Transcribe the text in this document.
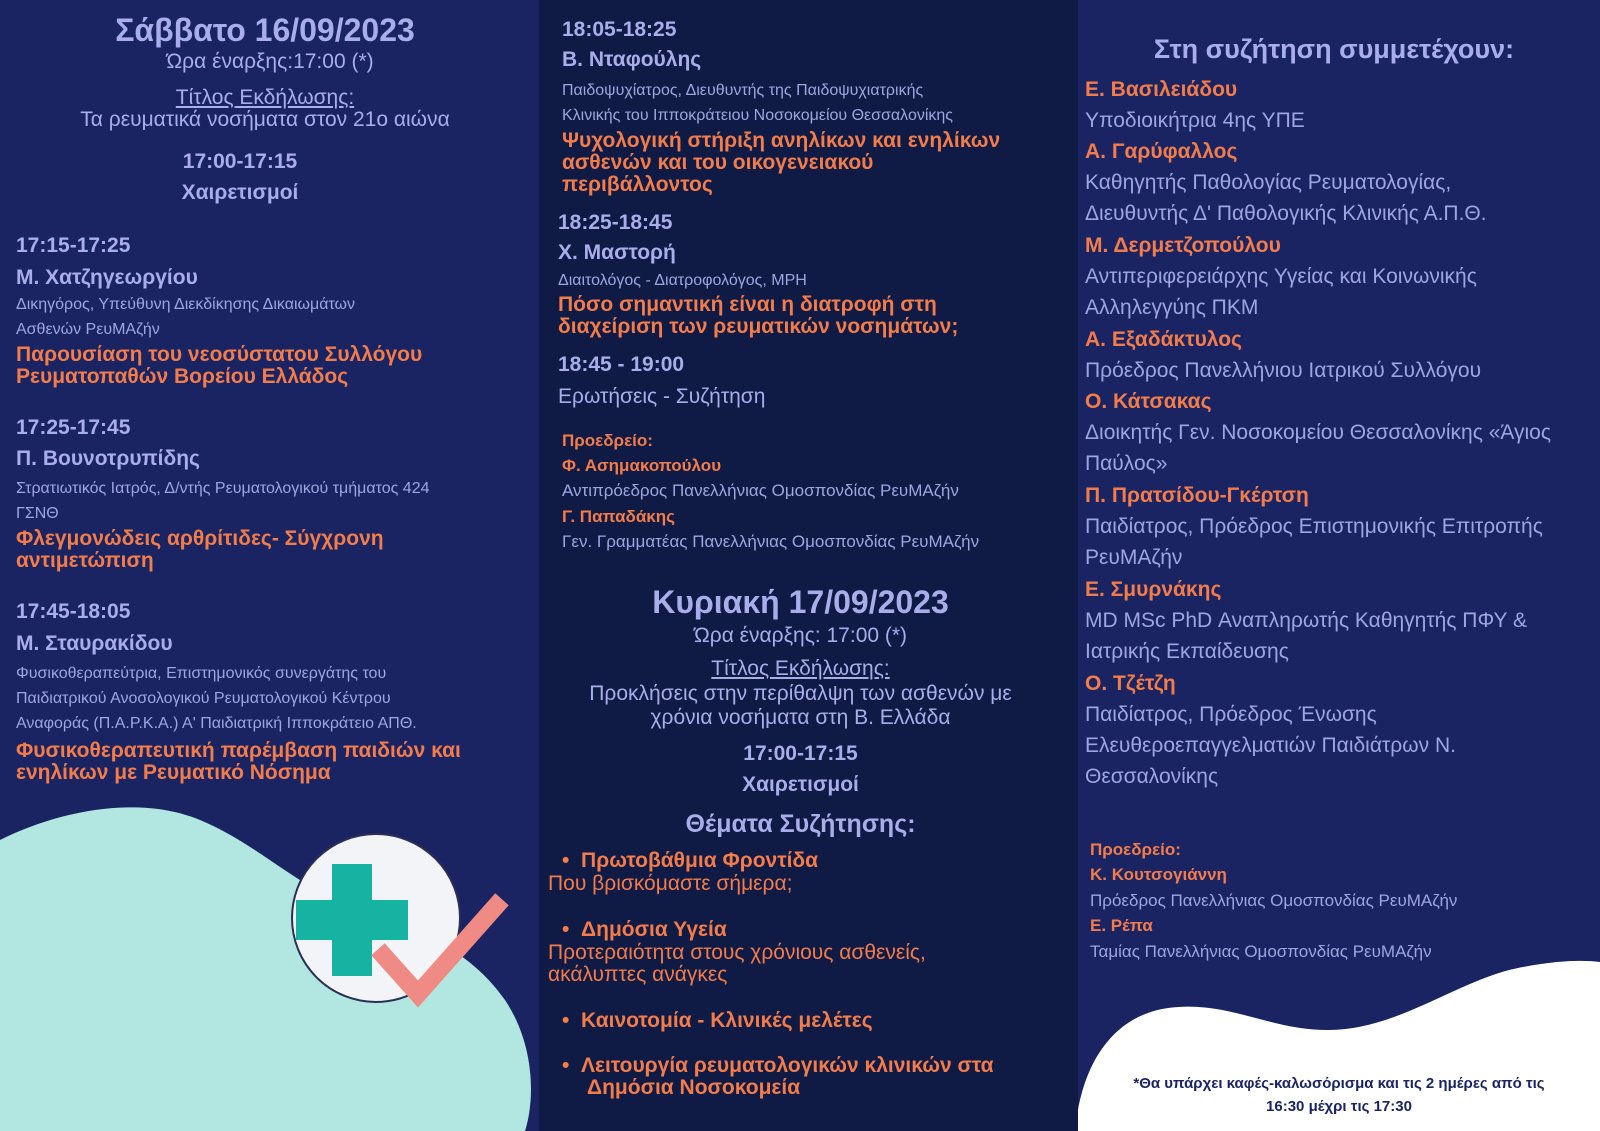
Σάββατο 16/09/2023
Ώρα έναρξης:17:00 (*)
Τίτλος Εκδήλωσης:
Τα ρευματικά νοσήματα στον 21ο αιώνα
17:00-17:15
Χαιρετισμοί
17:15-17:25
Μ. Χατζηγεωργίου
Δικηγόρος, Υπεύθυνη Διεκδίκησης Δικαιωμάτων
Ασθενών ΡευΜΑζήν
Παρουσίαση του νεοσύστατου Συλλόγου
Ρευματοπαθών Βορείου Ελλάδος
17:25-17:45
Π. Βουνοτρυπίδης
Στρατιωτικός Ιατρός, Δ/ντής Ρευματολογικού τμήματος 424
ΓΣΝΘ
Φλεγμονώδεις αρθρίτιδες- Σύγχρονη
αντιμετώπιση
17:45-18:05
Μ. Σταυρακίδου
Φυσικοθεραπεύτρια, Επιστημονικός συνεργάτης του
Παιδιατρικού Ανοσολογικού Ρευματολογικού Κέντρου
Αναφοράς (Π.Α.Ρ.Κ.Α.) Α' Παιδιατρική Ιπποκράτειο ΑΠΘ.
Φυσικοθεραπευτική παρέμβαση παιδιών και
ενηλίκων με Ρευματικό Νόσημα
18:05-18:25
Β. Νταφούλης
Παιδοψυχίατρος, Διευθυντής της Παιδοψυχιατρικής
Κλινικής του Ιπποκράτειου Νοσοκομείου Θεσσαλονίκης
Ψυχολογική στήριξη ανηλίκων και ενηλίκων
ασθενών και του οικογενειακού
περιβάλλοντος
18:25-18:45
Χ. Μαστορή
Διαιτολόγος - Διατροφολόγος, MPH
Πόσο σημαντική είναι η διατροφή στη
διαχείριση των ρευματικών νοσημάτων;
18:45 - 19:00
Ερωτήσεις - Συζήτηση
Προεδρείο:
Φ. Ασημακοπούλου
Αντιπρόεδρος Πανελλήνιας Ομοσπονδίας ΡευΜΑζήν
Γ. Παπαδάκης
Γεν. Γραμματέας Πανελλήνιας Ομοσπονδίας ΡευΜΑζήν
Κυριακή 17/09/2023
Ώρα έναρξης: 17:00 (*)
Τίτλος Εκδήλωσης:
Προκλήσεις στην περίθαλψη των ασθενών με
χρόνια νοσήματα στη Β. Ελλάδα
17:00-17:15
Χαιρετισμοί
Θέματα Συζήτησης:
•  Πρωτοβάθμια Φροντίδα
Που βρισκόμαστε σήμερα;
•  Δημόσια Υγεία
Προτεραιότητα στους χρόνιους ασθενείς,
ακάλυπτες ανάγκες
•  Καινοτομία - Κλινικές μελέτες
•  Λειτουργία ρευματολογικών κλινικών στα
Δημόσια Νοσοκομεία
Στη συζήτηση συμμετέχουν:
Ε. Βασιλειάδου
Υποδιοικήτρια 4ης ΥΠΕ
Α. Γαρύφαλλος
Καθηγητής Παθολογίας Ρευματολογίας,
Διευθυντής Δ' Παθολογικής Κλινικής Α.Π.Θ.
Μ. Δερμετζοπούλου
Αντιπεριφερειάρχης Υγείας και Κοινωνικής
Αλληλεγγύης ΠΚΜ
Α. Εξαδάκτυλος
Πρόεδρος Πανελλήνιου Ιατρικού Συλλόγου
Ο. Κάτσακας
Διοικητής Γεν. Νοσοκομείου Θεσσαλονίκης «Άγιος
Παύλος»
Π. Πρατσίδου-Γκέρτση
Παιδίατρος, Πρόεδρος Επιστημονικής Επιτροπής
ΡευΜΑζήν
Ε. Σμυρνάκης
MD MSc PhD Αναπληρωτής Καθηγητής ΠΦΥ &
Ιατρικής Εκπαίδευσης
Ο. Τζέτζη
Παιδίατρος, Πρόεδρος Ένωσης
Ελευθεροεπαγγελματιών Παιδιάτρων Ν.
Θεσσαλονίκης
Προεδρείο:
Κ. Κουτσογιάννη
Πρόεδρος Πανελλήνιας Ομοσπονδίας ΡευΜΑζήν
Ε. Ρέπα
Ταμίας Πανελλήνιας Ομοσπονδίας ΡευΜΑζήν
*Θα υπάρχει καφές-καλωσόρισμα και τις 2 ημέρες από τις
16:30 μέχρι τις 17:30
